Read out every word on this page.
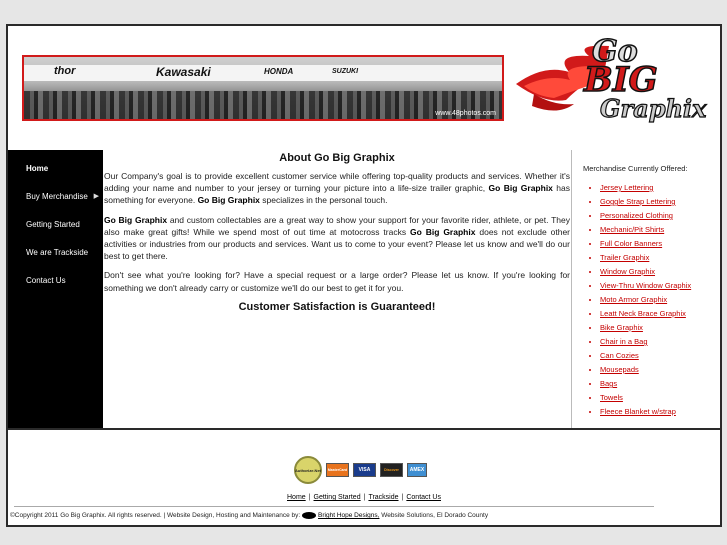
thor	Kawasaki	HONDA	SUZUKI
www.48photos.com
Go
BIG
Graphix
Home
Buy Merchandise ▶
Getting Started
We are Trackside
Contact Us
About Go Big Graphix

Our Company's goal is to provide excellent customer service while offering top-quality products and services. Whether it's adding your name and number to your jersey or turning your picture into a life-size trailer graphic, Go Big Graphix has something for everyone. Go Big Graphix specializes in the personal touch.

Go Big Graphix and custom collectables are a great way to show your support for your favorite rider, athlete, or pet. They also make great gifts! While we spend most of out time at motocross tracks Go Big Graphix does not exclude other activities or industries from our products and services. Want us to come to your event? Please let us know and we'll do our best to get there.

Don't see what you're looking for? Have a special request or a large order? Please let us know. If you're looking for something we don't already carry or customize we'll do our best to get it for you.

Customer Satisfaction is Guaranteed!
Merchandise Currently Offered:
• Jersey Lettering
• Goggle Strap Lettering
• Personalized Clothing
• Mechanic/Pit Shirts
• Full Color Banners
• Trailer Graphix
• Window Graphix
• View-Thru Window Graphix
• Moto Armor Graphix
• Leatt Neck Brace Graphix
• Bike Graphix
• Chair in a Bag
• Can Cozies
• Mousepads
• Bags
• Towels
• Fleece Blanket w/strap
Authorize.Net	MasterCard	VISA	Discover	AMEX
Home | Getting Started | Trackside | Contact Us
©Copyright 2011 Go Big Graphix. All rights reserved. | Website Design, Hosting and Maintenance by: Bright Hope Designs, Website Solutions, El Dorado County
